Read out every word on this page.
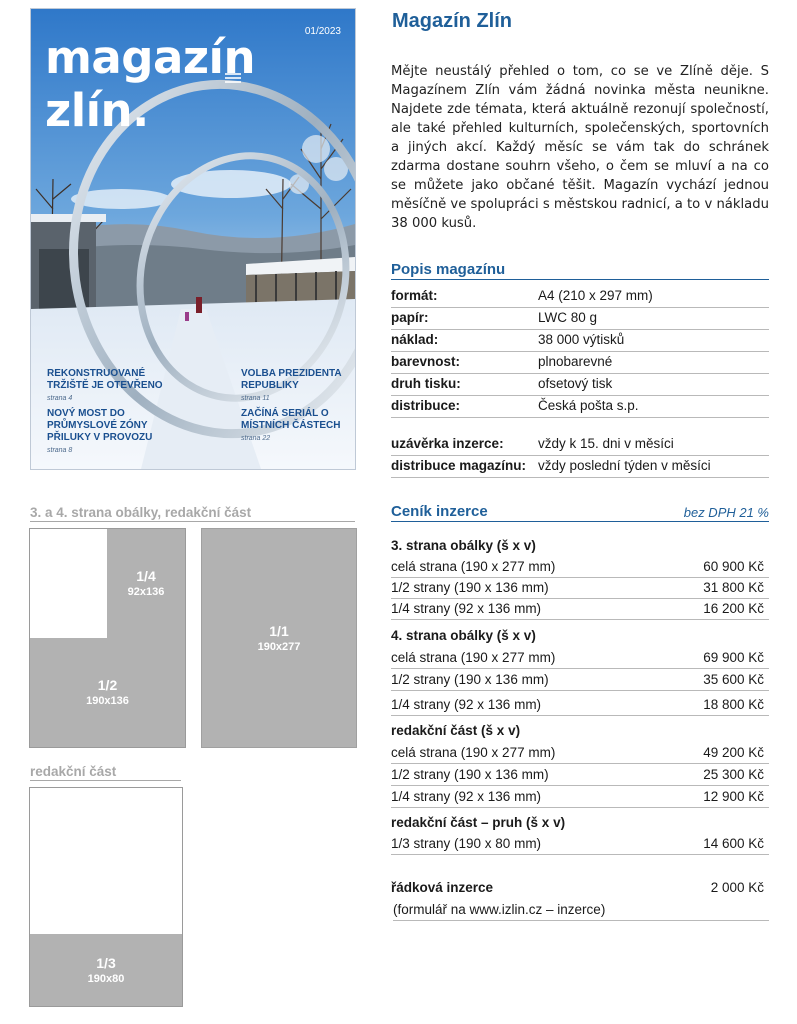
magazín zlín.
01/2023
REKONSTRUOVANÉ TRŽIŠTĚ JE OTEVŘENO
strana 4
NOVÝ MOST DO PRŮMYSLOVÉ ZÓNY PŘILUKY V PROVOZU
strana 8
VOLBA PREZIDENTA REPUBLIKY
strana 11
ZAČÍNÁ SERIÁL O MÍSTNÍCH ČÁSTECH
strana 22
Magazín Zlín
Mějte neustálý přehled o tom, co se ve Zlíně děje. S Magazínem Zlín vám žádná novinka města neunikne. Najdete zde témata, která aktuálně rezonují společností, ale také přehled kulturních, společenských, sportovních a jiných akcí. Každý měsíc se vám tak do schránek zdarma dostane souhrn všeho, o čem se mluví a na co se můžete jako občané těšit. Magazín vychází jednou měsíčně ve spolupráci s městskou radnicí, a to v nákladu 38 000 kusů.
Popis magazínu
formát:	A4 (210 x 297 mm)
papír:	LWC 80 g
náklad:	38 000 výtisků
barevnost:	plnobarevné
druh tisku:	ofsetový tisk
distribuce:	Česká pošta s.p.
uzávěrka inzerce:	vždy k 15. dni v měsíci
distribuce magazínu: vždy poslední týden v měsíci
Ceník inzerce	bez DPH 21 %
3. strana obálky (š x v)
celá strana (190 x 277 mm)	60 900 Kč
1/2 strany (190 x 136 mm)	31 800 Kč
1/4 strany (92 x 136 mm)	16 200 Kč
4. strana obálky (š x v)
celá strana (190 x 277 mm)	69 900 Kč
1/2 strany (190 x 136 mm)	35 600 Kč
1/4 strany (92 x 136 mm)	18 800 Kč
redakční část (š x v)
celá strana (190 x 277 mm)	49 200 Kč
1/2 strany (190 x 136 mm)	25 300 Kč
1/4 strany (92 x 136 mm)	12 900 Kč
redakční část – pruh (š x v)
1/3 strany (190 x 80 mm)	14 600 Kč
řádková inzerce	2 000 Kč
(formulář na www.izlin.cz – inzerce)
3. a 4. strana obálky, redakční část
1/4
92x136
1/2
190x136
1/1
190x277
redakční část
1/3
190x80
